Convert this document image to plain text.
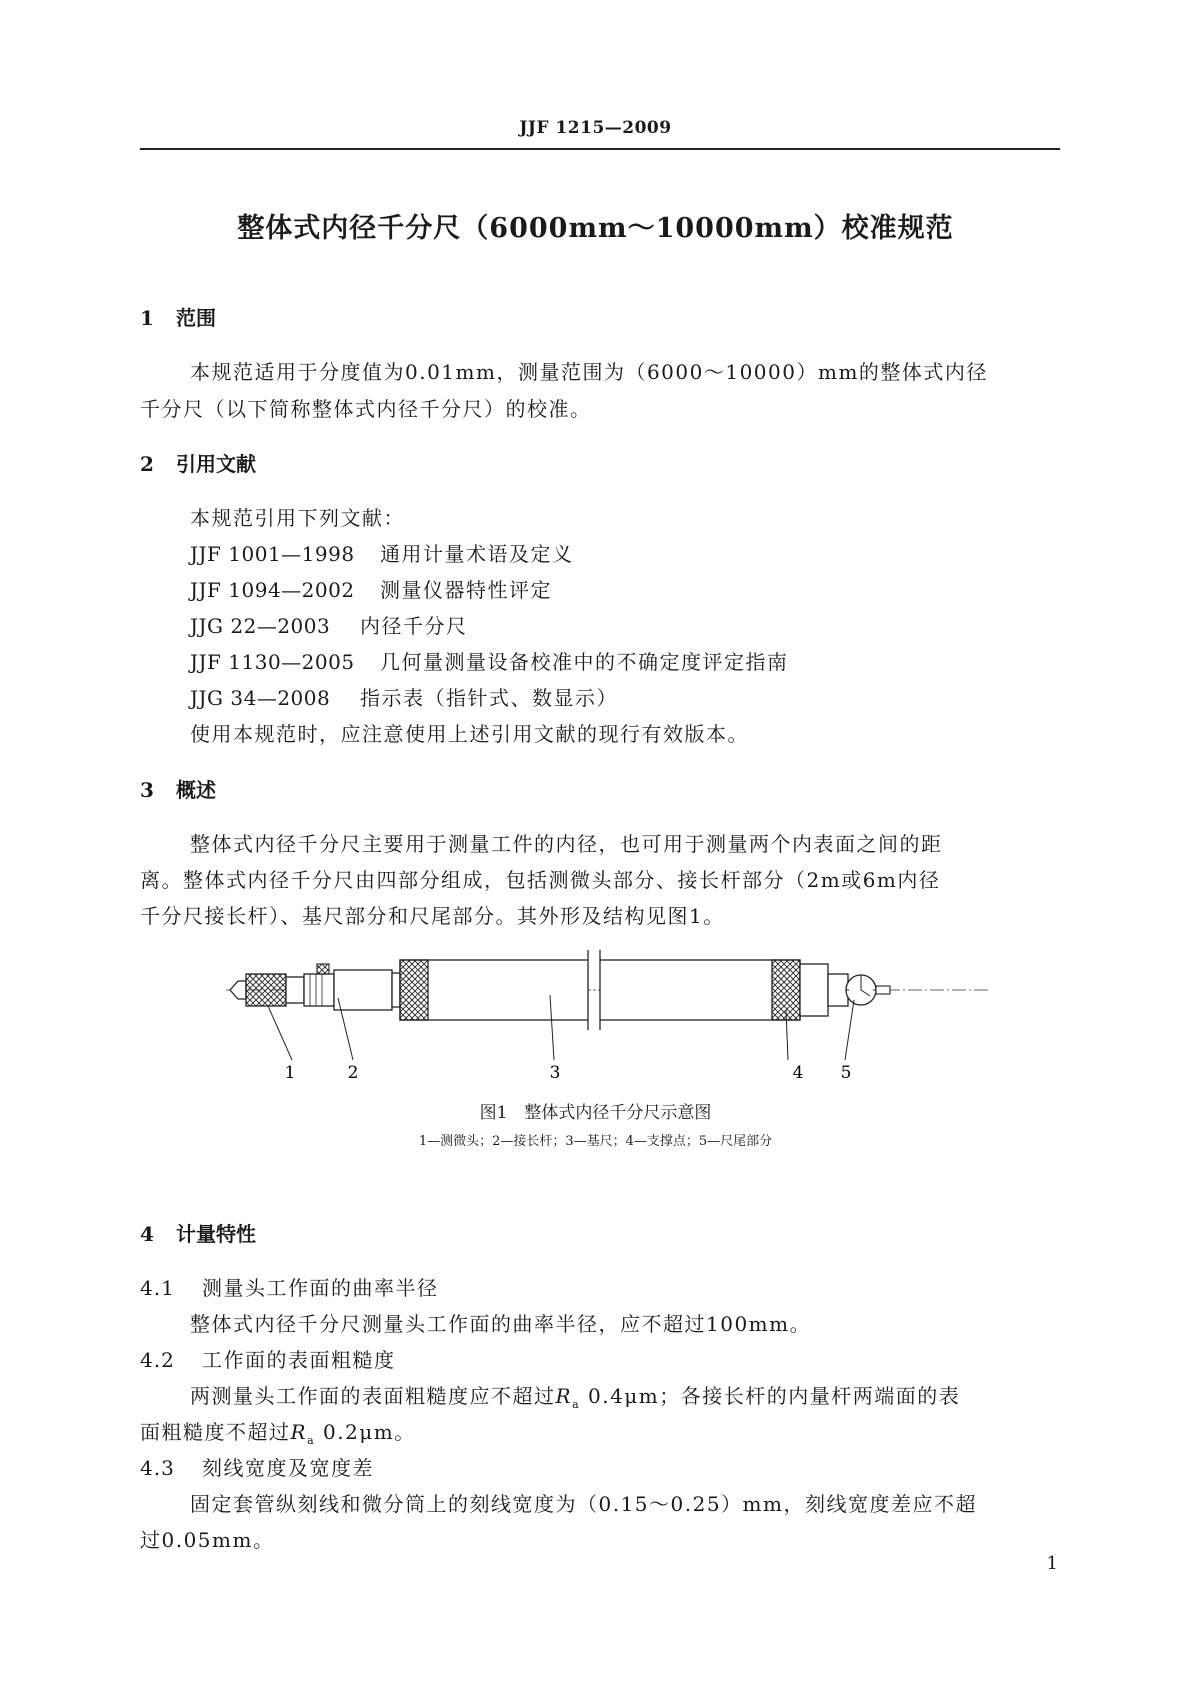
JJF 1215—2009
整体式内径千分尺（6000mm～10000mm）校准规范
1 范围
本规范适用于分度值为0.01mm，测量范围为（6000～10000）mm的整体式内径
千分尺（以下简称整体式内径千分尺）的校准。
2 引用文献
本规范引用下列文献：
JJF 1001—1998 通用计量术语及定义
JJF 1094—2002 测量仪器特性评定
JJG 22—2003 内径千分尺
JJF 1130—2005 几何量测量设备校准中的不确定度评定指南
JJG 34—2008 指示表（指针式、数显示）
使用本规范时，应注意使用上述引用文献的现行有效版本。
3 概述
整体式内径千分尺主要用于测量工件的内径，也可用于测量两个内表面之间的距
离。整体式内径千分尺由四部分组成，包括测微头部分、接长杆部分（2m或6m内径
千分尺接长杆）、基尺部分和尺尾部分。其外形及结构见图1。
1	2	3	4 5
图1　整体式内径千分尺示意图
1—测微头；2—接长杆；3—基尺；4—支撑点；5—尺尾部分
4 计量特性
4.1 测量头工作面的曲率半径
整体式内径千分尺测量头工作面的曲率半径，应不超过100mm。
4.2 工作面的表面粗糙度
两测量头工作面的表面粗糙度应不超过$R_a$ 0.4μm；各接长杆的内量杆两端面的表
面粗糙度不超过$R_a$ 0.2μm。
4.3 刻线宽度及宽度差
固定套管纵刻线和微分筒上的刻线宽度为（0.15～0.25）mm，刻线宽度差应不超
过0.05mm。
1
